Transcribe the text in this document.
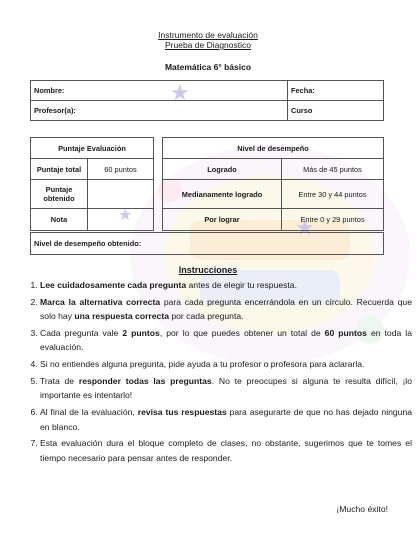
★
★
★
Instrumento de evaluación
Prueba de Diagnostico
Matemática 6° básico
Nombre:	Fecha:
Profesor(a):	Curso
Puntaje Evaluación	
Puntaje total	60 puntos
Puntaje obtenido	
Nota	
Nivel de desempeño	
Logrado	Más de 45 puntos
Medianamente logrado	Entre 30 y 44 puntos
Por lograr	Entre 0 y 29 puntos
Nivel de desempeño obtenido:
Instrucciones
1. Lee cuidadosamente cada pregunta antes de elegir tu respuesta.
2. Marca la alternativa correcta para cada pregunta encerrándola en un círculo. Recuerda que solo hay una respuesta correcta por cada pregunta.
3. Cada pregunta vale 2 puntos, por lo que puedes obtener un total de 60 puntos en toda la evaluación.
4. Si no entiendes alguna pregunta, pide ayuda a tu profesor o profesora para aclararla.
5. Trata de responder todas las preguntas. No te preocupes si alguna te resulta difícil, ¡lo importante es intentarlo!
6. Al final de la evaluación, revisa tus respuestas para asegurarte de que no has dejado ninguna en blanco.
7. Esta evaluación dura el bloque completo de clases, no obstante, sugerimos que te tomes el tiempo necesario para pensar antes de responder.
¡Mucho éxito!
